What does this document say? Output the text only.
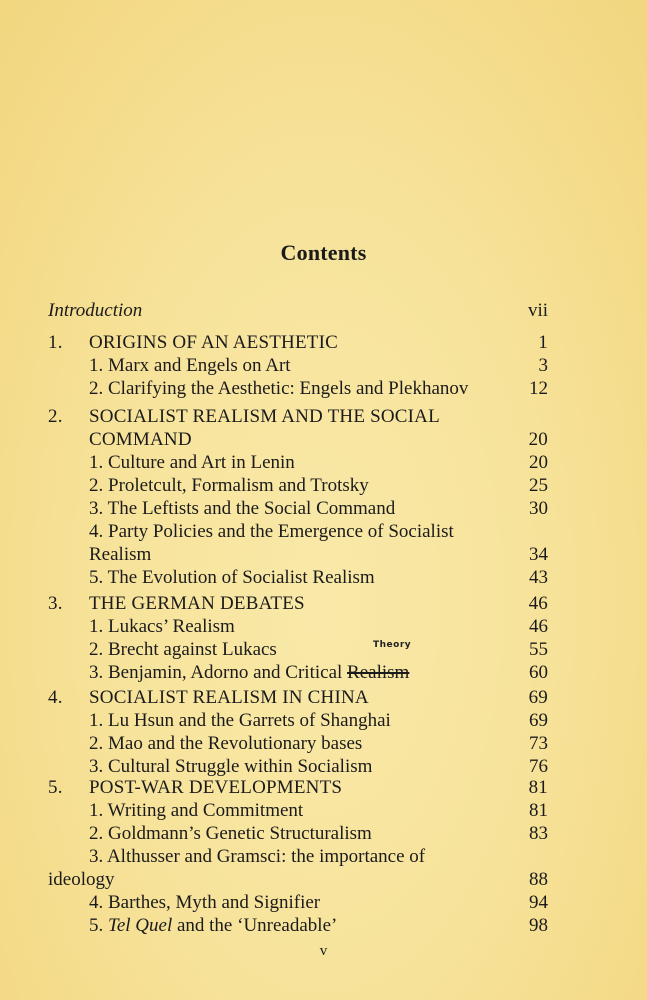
Contents
Introduction	vii
1. ORIGINS OF AN AESTHETIC	1
1. Marx and Engels on Art	3
2. Clarifying the Aesthetic: Engels and Plekhanov	12
2. SOCIALIST REALISM AND THE SOCIAL
COMMAND	20
1. Culture and Art in Lenin	20
2. Proletcult, Formalism and Trotsky	25
3. The Leftists and the Social Command	30
4. Party Policies and the Emergence of Socialist
Realism	34
5. The Evolution of Socialist Realism	43
3. THE GERMAN DEBATES	46
1. Lukacs’ Realism	46
2. Brecht against Lukacs	55
3. Benjamin, Adorno and Critical Realism	60
4. SOCIALIST REALISM IN CHINA	69
1. Lu Hsun and the Garrets of Shanghai	69
2. Mao and the Revolutionary bases	73
3. Cultural Struggle within Socialism	76
5. POST-WAR DEVELOPMENTS	81
1. Writing and Commitment	81
2. Goldmann’s Genetic Structuralism	83
3. Althusser and Gramsci: the importance of
ideology	88
4. Barthes, Myth and Signifier	94
5. Tel Quel and the ‘Unreadable’	98
Theory
v
